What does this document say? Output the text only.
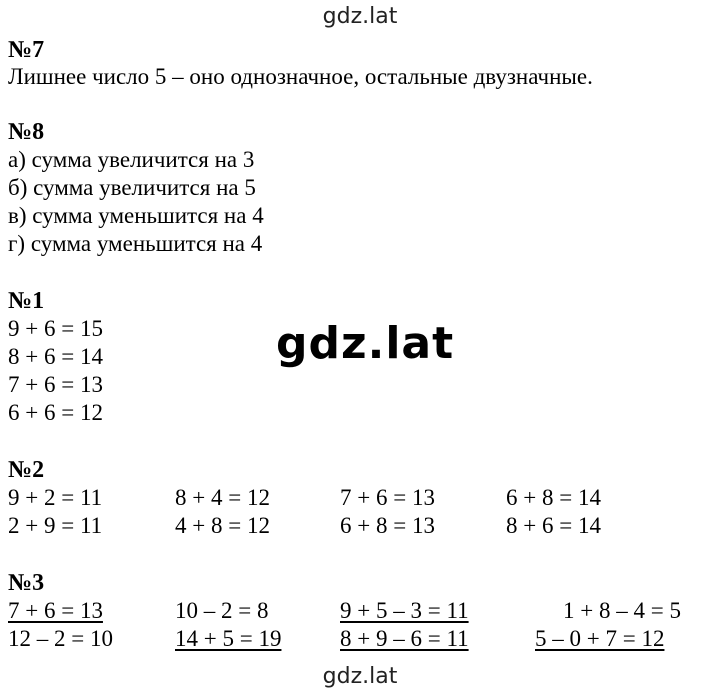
gdz.lat
gdz.lat
№7
Лишнее число 5 – оно однозначное, остальные двузначные.
№8
а) сумма увеличится на 3
б) сумма увеличится на 5
в) сумма уменьшится на 4
г) сумма уменьшится на 4
№1
9 + 6 = 15
8 + 6 = 14
7 + 6 = 13
6 + 6 = 12
№2
9 + 2 = 11	8 + 4 = 12	7 + 6 = 13	6 + 8 = 14
2 + 9 = 11	4 + 8 = 12	6 + 8 = 13	8 + 6 = 14
№3
7 + 6 = 13	10 – 2 = 8	9 + 5 – 3 = 11	1 + 8 – 4 = 5
12 – 2 = 10	14 + 5 = 19	8 + 9 – 6 = 11	5 – 0 + 7 = 12
gdz.lat
